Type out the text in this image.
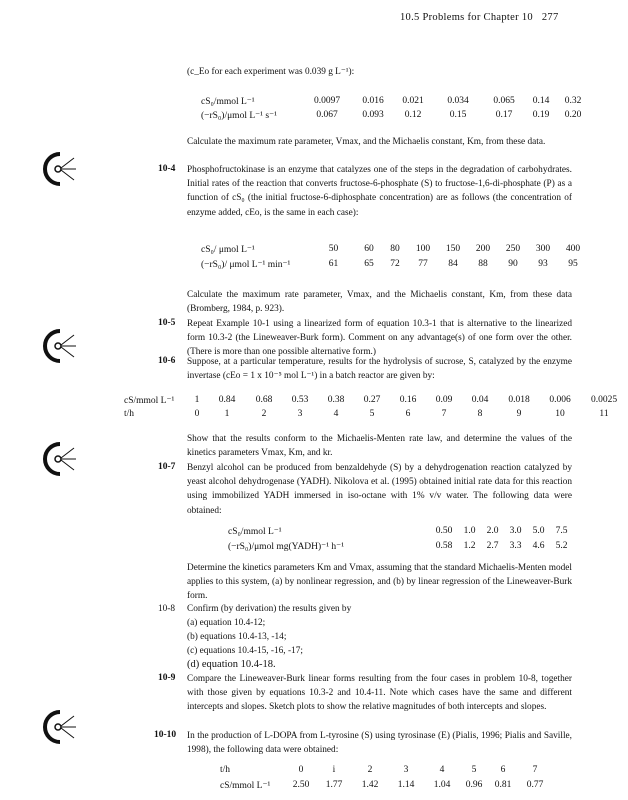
10.5 Problems for Chapter 10 277
(c_Eo for each experiment was 0.039 g L⁻¹):
cS₀/mmol L⁻¹	0.0097	0.016	0.021	0.034	0.065	0.14	0.32
(−rS₀)/μmol L⁻¹ s⁻¹	0.067	0.093	0.12	0.15	0.17	0.19	0.20
Calculate the maximum rate parameter, Vmax, and the Michaelis constant, Km, from these data.
10-4 Phosphofructokinase is an enzyme that catalyzes one of the steps in the degradation of carbohydrates. Initial rates of the reaction that converts fructose-6-phosphate (S) to fructose-1,6-di-phosphate (P) as a function of cS₀ (the initial fructose-6-diphosphate concentration) are as follows (the concentration of enzyme added, cEo, is the same in each case):
cS₀/ μmol L⁻¹	50	60	80	100	150	200	250	300	400
(−rS₀)/ μmol L⁻¹ min⁻¹	61	65	72	77	84	88	90	93	95
Calculate the maximum rate parameter, Vmax, and the Michaelis constant, Km, from these data (Bromberg, 1984, p. 923).
10-5 Repeat Example 10-1 using a linearized form of equation 10.3-1 that is alternative to the linearized form 10.3-2 (the Lineweaver-Burk form). Comment on any advantage(s) of one form over the other. (There is more than one possible alternative form.)
10-6 Suppose, at a particular temperature, results for the hydrolysis of sucrose, S, catalyzed by the enzyme invertase (cEo = 1 x 10⁻⁵ mol L⁻¹) in a batch reactor are given by:
cS/mmol L⁻¹	1	0.84	0.68	0.53	0.38	0.27	0.16	0.09	0.04	0.018	0.006	0.0025
t/h	0	1	2	3	4	5	6	7	8	9	10	11
Show that the results conform to the Michaelis-Menten rate law, and determine the values of the kinetics parameters Vmax, Km, and kr.
10-7 Benzyl alcohol can be produced from benzaldehyde (S) by a dehydrogenation reaction catalyzed by yeast alcohol dehydrogenase (YADH). Nikolova et al. (1995) obtained initial rate data for this reaction using immobilized YADH immersed in iso-octane with 1% v/v water. The following data were obtained:
cS₀/mmol L⁻¹	0.50	1.0	2.0	3.0	5.0	7.5
(−rS₀)/μmol mg(YADH)⁻¹ h⁻¹	0.58	1.2	2.7	3.3	4.6	5.2
Determine the kinetics parameters Km and Vmax, assuming that the standard Michaelis-Menten model applies to this system, (a) by nonlinear regression, and (b) by linear regression of the Lineweaver-Burk form.
10-8 Confirm (by derivation) the results given by
(a) equation 10.4-12;
(b) equations 10.4-13, -14;
(c) equations 10.4-15, -16, -17;
(d) equation 10.4-18.
10-9 Compare the Lineweaver-Burk linear forms resulting from the four cases in problem 10-8, together with those given by equations 10.3-2 and 10.4-11. Note which cases have the same and different intercepts and slopes. Sketch plots to show the relative magnitudes of both intercepts and slopes.
10-10 In the production of L-DOPA from L-tyrosine (S) using tyrosinase (E) (Pialis, 1996; Pialis and Saville, 1998), the following data were obtained:
t/h	0	i	2	3	4	5	6	7
cS/mmol L⁻¹	2.50	1.77	1.42	1.14	1.04	0.96	0.81	0.77
